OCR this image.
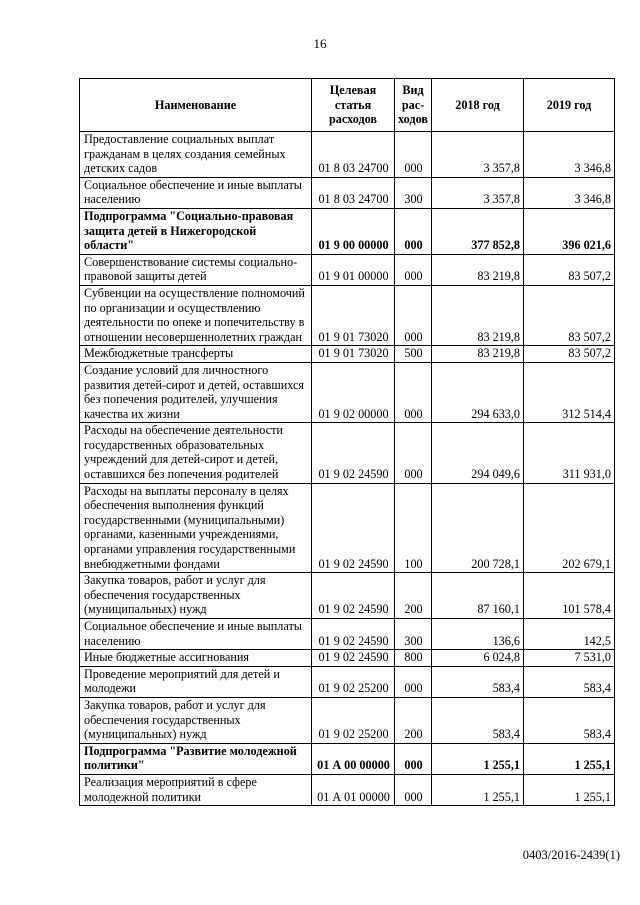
16
Наименование	Целевая статья расходов	Вид рас-ходов	2018 год	2019 год
Предоставление социальных выплат гражданам в целях создания семейных детских садов	01 8 03 24700	000	3 357,8	3 346,8
Социальное обеспечение и иные выплаты населению	01 8 03 24700	300	3 357,8	3 346,8
Подпрограмма "Социально-правовая защита детей в Нижегородской области"	01 9 00 00000	000	377 852,8	396 021,6
Совершенствование системы социально-правовой защиты детей	01 9 01 00000	000	83 219,8	83 507,2
Субвенции на осуществление полномочий по организации и осуществлению деятельности по опеке и попечительству в отношении несовершеннолетних граждан	01 9 01 73020	000	83 219,8	83 507,2
Межбюджетные трансферты	01 9 01 73020	500	83 219,8	83 507,2
Создание условий для личностного развития детей-сирот и детей, оставшихся без попечения родителей, улучшения качества их жизни	01 9 02 00000	000	294 633,0	312 514,4
Расходы на обеспечение деятельности государственных образовательных учреждений для детей-сирот и детей, оставшихся без попечения родителей	01 9 02 24590	000	294 049,6	311 931,0
Расходы на выплаты персоналу в целях обеспечения выполнения функций государственными (муниципальными) органами, казенными учреждениями, органами управления государственными внебюджетными фондами	01 9 02 24590	100	200 728,1	202 679,1
Закупка товаров, работ и услуг для обеспечения государственных (муниципальных) нужд	01 9 02 24590	200	87 160,1	101 578,4
Социальное обеспечение и иные выплаты населению	01 9 02 24590	300	136,6	142,5
Иные бюджетные ассигнования	01 9 02 24590	800	6 024,8	7 531,0
Проведение мероприятий для детей и молодежи	01 9 02 25200	000	583,4	583,4
Закупка товаров, работ и услуг для обеспечения государственных (муниципальных) нужд	01 9 02 25200	200	583,4	583,4
Подпрограмма "Развитие молодежной политики"	01 А 00 00000	000	1 255,1	1 255,1
Реализация мероприятий в сфере молодежной политики	01 А 01 00000	000	1 255,1	1 255,1
0403/2016-2439(1)
